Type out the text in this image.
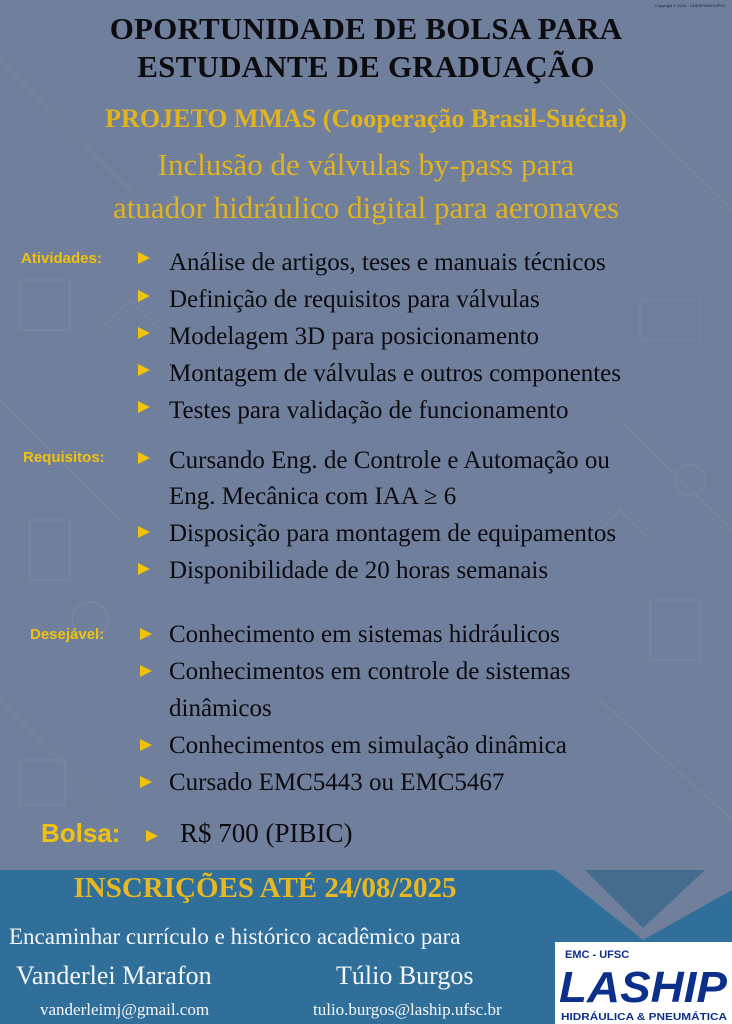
Copyright © 2016 · LASHIP/EMC/UFSC
OPORTUNIDADE DE BOLSA PARA
ESTUDANTE DE GRADUAÇÃO
PROJETO MMAS (Cooperação Brasil-Suécia)
Inclusão de válvulas by-pass para
atuador hidráulico digital para aeronaves
Atividades:	Análise de artigos, teses e manuais técnicos
Definição de requisitos para válvulas
Modelagem 3D para posicionamento
Montagem de válvulas e outros componentes
Testes para validação de funcionamento
Requisitos:	Cursando Eng. de Controle e Automação ou
Eng. Mecânica com IAA ≥ 6
Disposição para montagem de equipamentos
Disponibilidade de 20 horas semanais
Desejável:	Conhecimento em sistemas hidráulicos
Conhecimentos em controle de sistemas
dinâmicos
Conhecimentos em simulação dinâmica
Cursado EMC5443 ou EMC5467
Bolsa: R$ 700 (PIBIC)
INSCRIÇÕES ATÉ 24/08/2025
Encaminhar currículo e histórico acadêmico para
Vanderlei Marafon	Túlio Burgos
vanderleimj@gmail.com	tulio.burgos@laship.ufsc.br
EMC - UFSC
LASHIP
HIDRÁULICA & PNEUMÁTICA
